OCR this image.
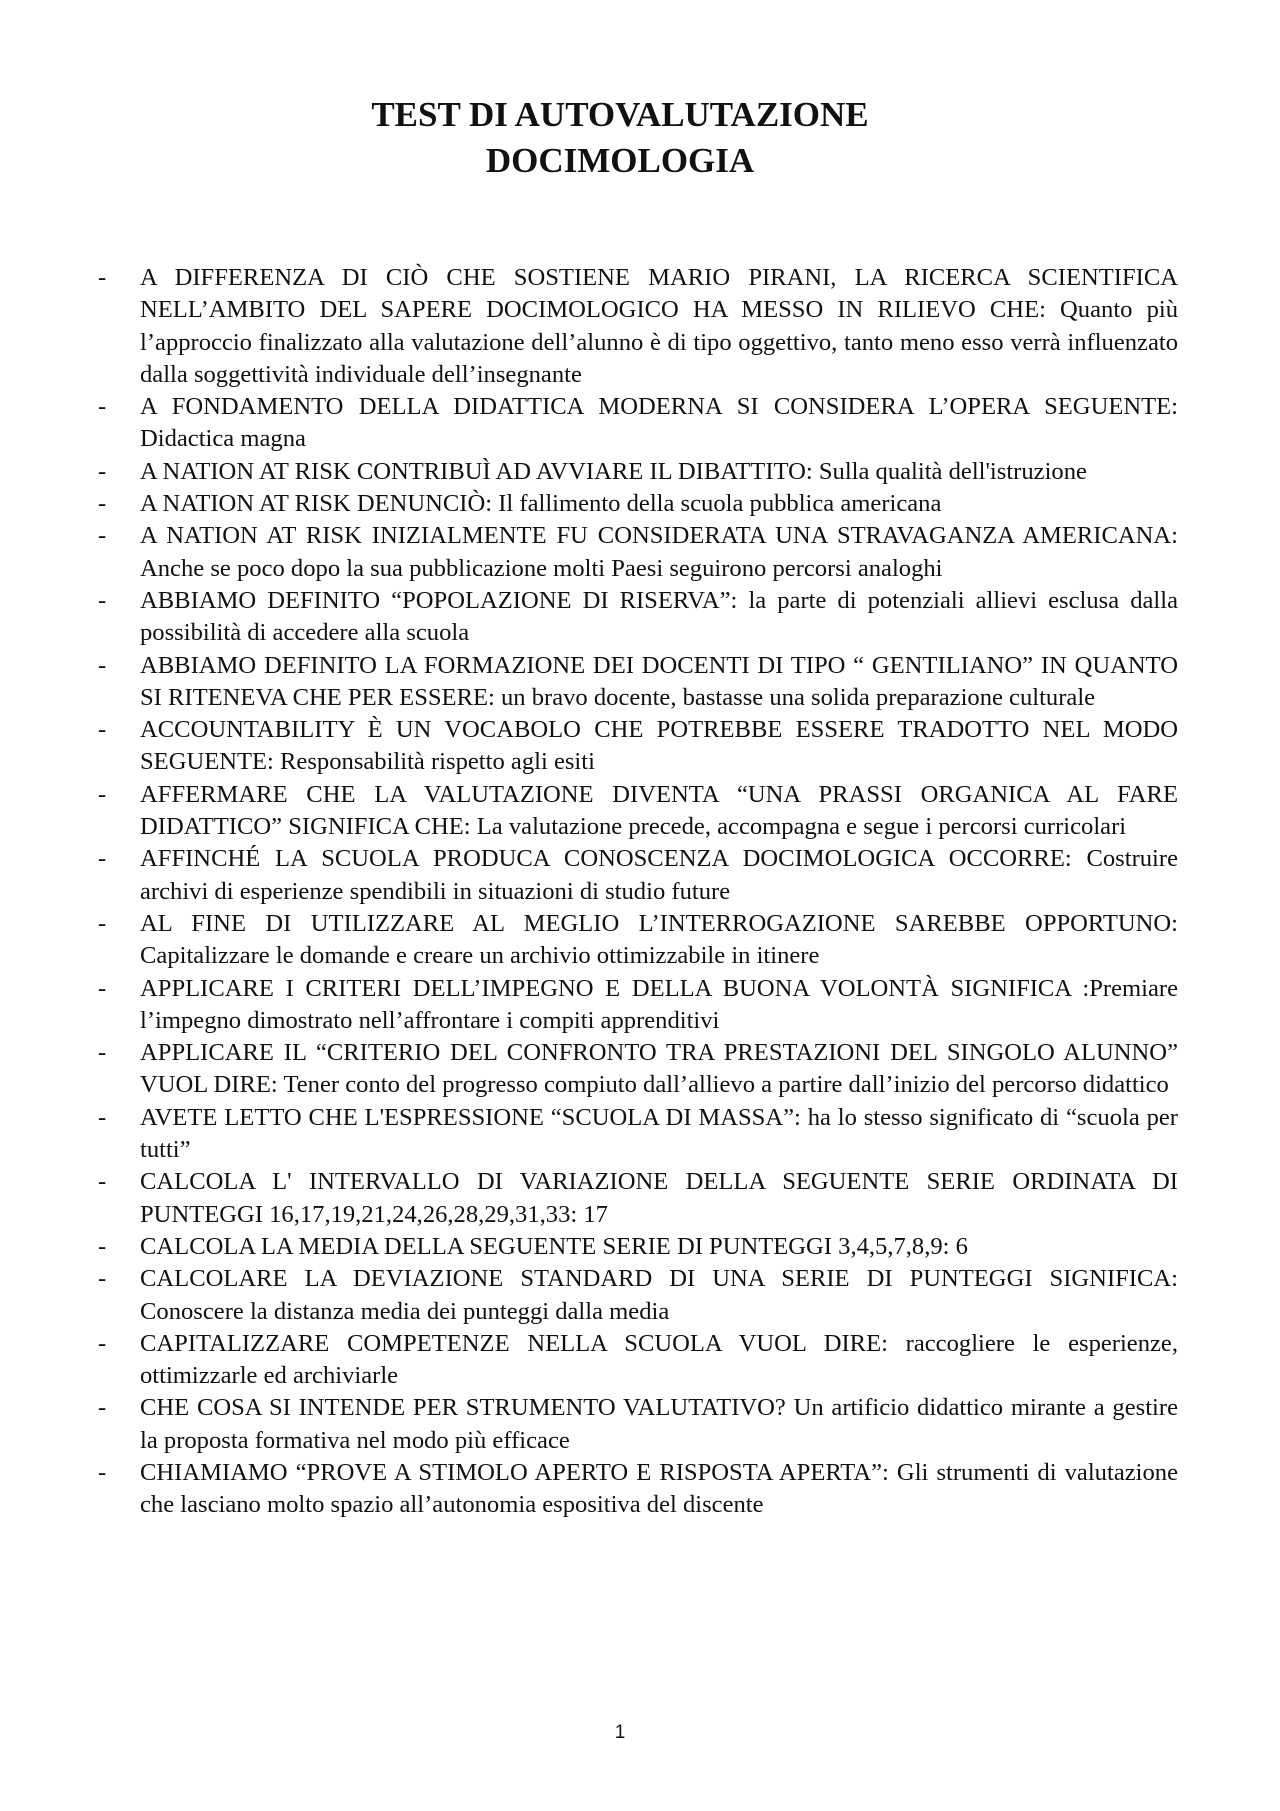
TEST DI AUTOVALUTAZIONE
DOCIMOLOGIA
- A DIFFERENZA DI CIÒ CHE SOSTIENE MARIO PIRANI, LA RICERCA SCIENTIFICA NELL’AMBITO DEL SAPERE DOCIMOLOGICO HA MESSO IN RILIEVO CHE: Quanto più l’approccio finalizzato alla valutazione dell’alunno è di tipo oggettivo, tanto meno esso verrà influenzato dalla soggettività individuale dell’insegnante
- A FONDAMENTO DELLA DIDATTICA MODERNA SI CONSIDERA L’OPERA SEGUENTE: Didactica magna
- A NATION AT RISK CONTRIBUÌ AD AVVIARE IL DIBATTITO: Sulla qualità dell'istruzione
- A NATION AT RISK DENUNCIÒ: Il fallimento della scuola pubblica americana
- A NATION AT RISK INIZIALMENTE FU CONSIDERATA UNA STRAVAGANZA AMERICANA: Anche se poco dopo la sua pubblicazione molti Paesi seguirono percorsi analoghi
- ABBIAMO DEFINITO “POPOLAZIONE DI RISERVA”: la parte di potenziali allievi esclusa dalla possibilità di accedere alla scuola
- ABBIAMO DEFINITO LA FORMAZIONE DEI DOCENTI DI TIPO “ GENTILIANO” IN QUANTO SI RITENEVA CHE PER ESSERE: un bravo docente, bastasse una solida preparazione culturale
- ACCOUNTABILITY È UN VOCABOLO CHE POTREBBE ESSERE TRADOTTO NEL MODO SEGUENTE: Responsabilità rispetto agli esiti
- AFFERMARE CHE LA VALUTAZIONE DIVENTA “UNA PRASSI ORGANICA AL FARE DIDATTICO” SIGNIFICA CHE: La valutazione precede, accompagna e segue i percorsi curricolari
- AFFINCHÉ LA SCUOLA PRODUCA CONOSCENZA DOCIMOLOGICA OCCORRE: Costruire archivi di esperienze spendibili in situazioni di studio future
- AL FINE DI UTILIZZARE AL MEGLIO L’INTERROGAZIONE SAREBBE OPPORTUNO: Capitalizzare le domande e creare un archivio ottimizzabile in itinere
- APPLICARE I CRITERI DELL’IMPEGNO E DELLA BUONA VOLONTÀ SIGNIFICA :Premiare l’impegno dimostrato nell’affrontare i compiti apprenditivi
- APPLICARE IL “CRITERIO DEL CONFRONTO TRA PRESTAZIONI DEL SINGOLO ALUNNO” VUOL DIRE: Tener conto del progresso compiuto dall’allievo a partire dall’inizio del percorso didattico
- AVETE LETTO CHE L'ESPRESSIONE “SCUOLA DI MASSA”: ha lo stesso significato di “scuola per tutti”
- CALCOLA L' INTERVALLO DI VARIAZIONE DELLA SEGUENTE SERIE ORDINATA DI PUNTEGGI 16,17,19,21,24,26,28,29,31,33: 17
- CALCOLA LA MEDIA DELLA SEGUENTE SERIE DI PUNTEGGI 3,4,5,7,8,9: 6
- CALCOLARE LA DEVIAZIONE STANDARD DI UNA SERIE DI PUNTEGGI SIGNIFICA: Conoscere la distanza media dei punteggi dalla media
- CAPITALIZZARE COMPETENZE NELLA SCUOLA VUOL DIRE: raccogliere le esperienze, ottimizzarle ed archiviarle
- CHE COSA SI INTENDE PER STRUMENTO VALUTATIVO? Un artificio didattico mirante a gestire la proposta formativa nel modo più efficace
- CHIAMIAMO “PROVE A STIMOLO APERTO E RISPOSTA APERTA”: Gli strumenti di valutazione che lasciano molto spazio all’autonomia espositiva del discente
1
